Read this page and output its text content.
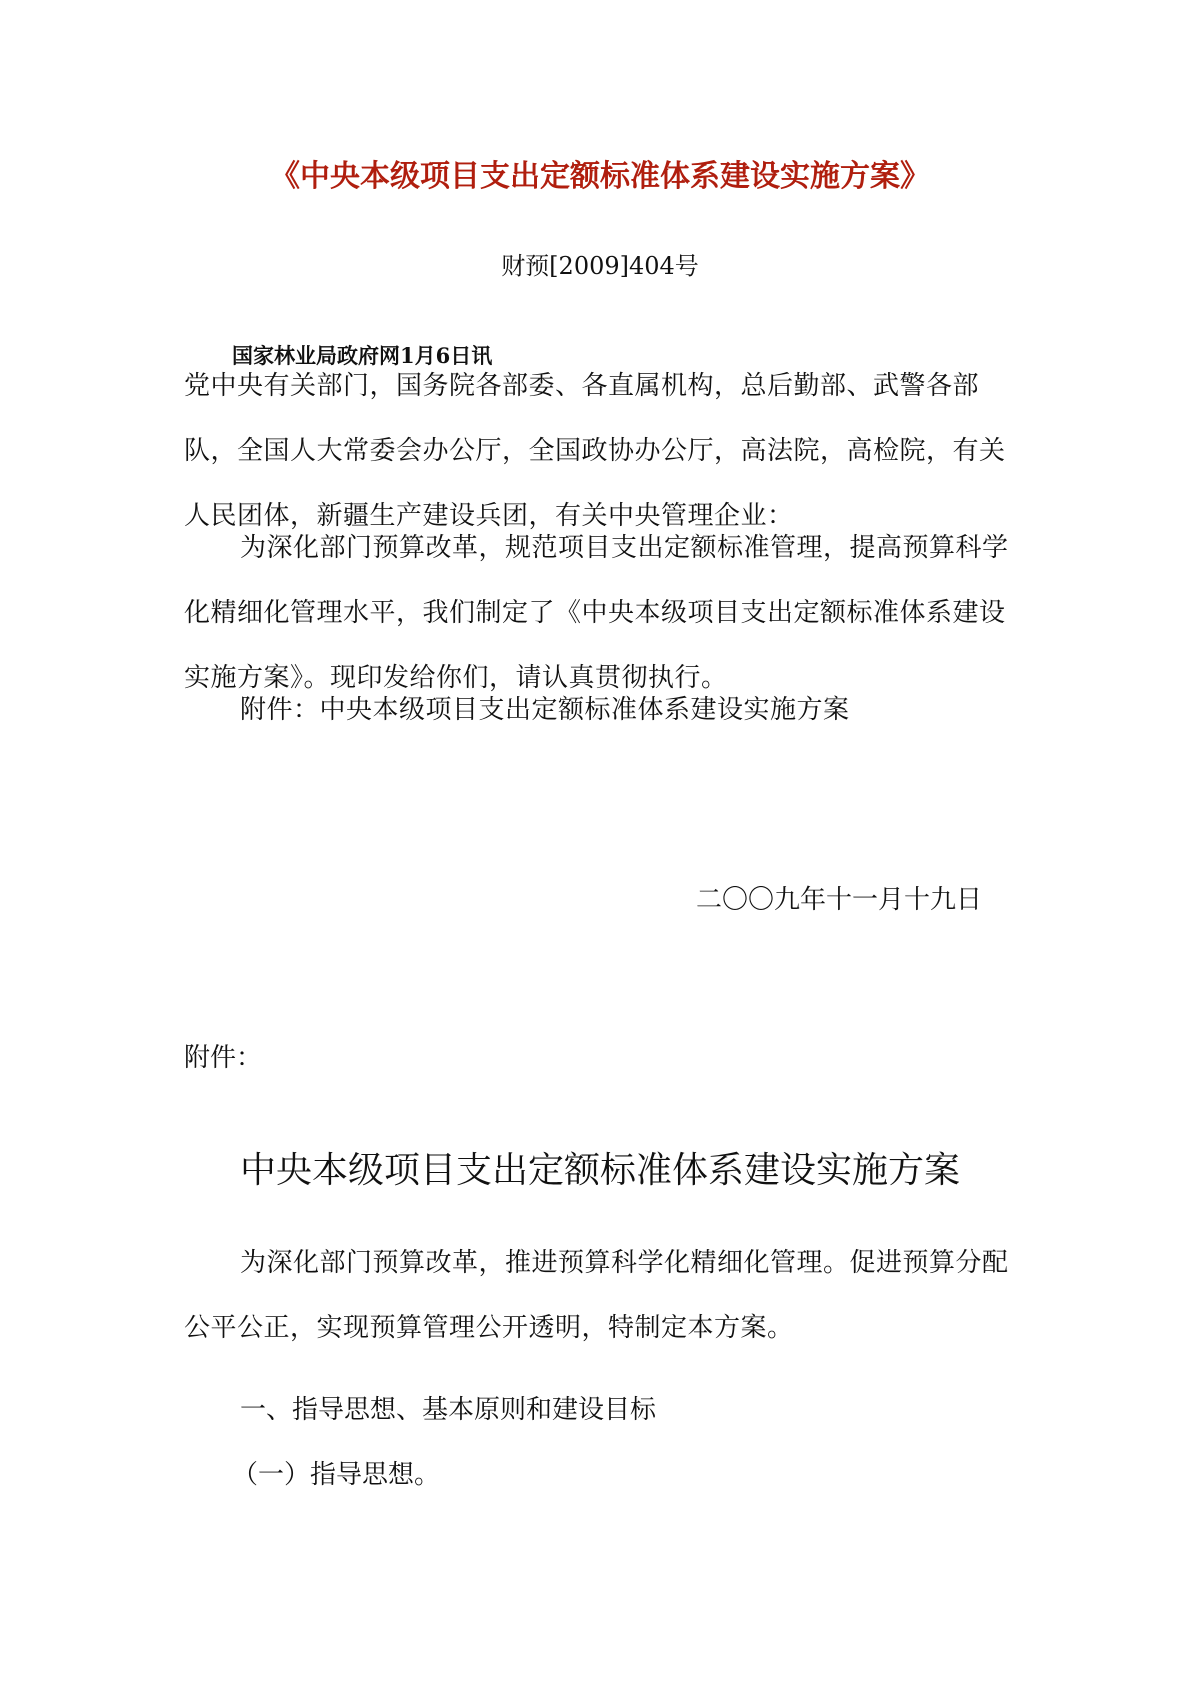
《中央本级项目支出定额标准体系建设实施方案》
财预[2009]404号
国家林业局政府网1月6日讯

党中央有关部门，国务院各部委、各直属机构，总后勤部、武警各部队，全国人大常委会办公厅，全国政协办公厅，高法院，高检院，有关人民团体，新疆生产建设兵团，有关中央管理企业：

为深化部门预算改革，规范项目支出定额标准管理，提高预算科学化精细化管理水平，我们制定了《中央本级项目支出定额标准体系建设实施方案》。现印发给你们，请认真贯彻执行。

附件：中央本级项目支出定额标准体系建设实施方案

二〇〇九年十一月十九日
附件：
中央本级项目支出定额标准体系建设实施方案

为深化部门预算改革，推进预算科学化精细化管理。促进预算分配公平公正，实现预算管理公开透明，特制定本方案。

一、指导思想、基本原则和建设目标
（一）指导思想。
